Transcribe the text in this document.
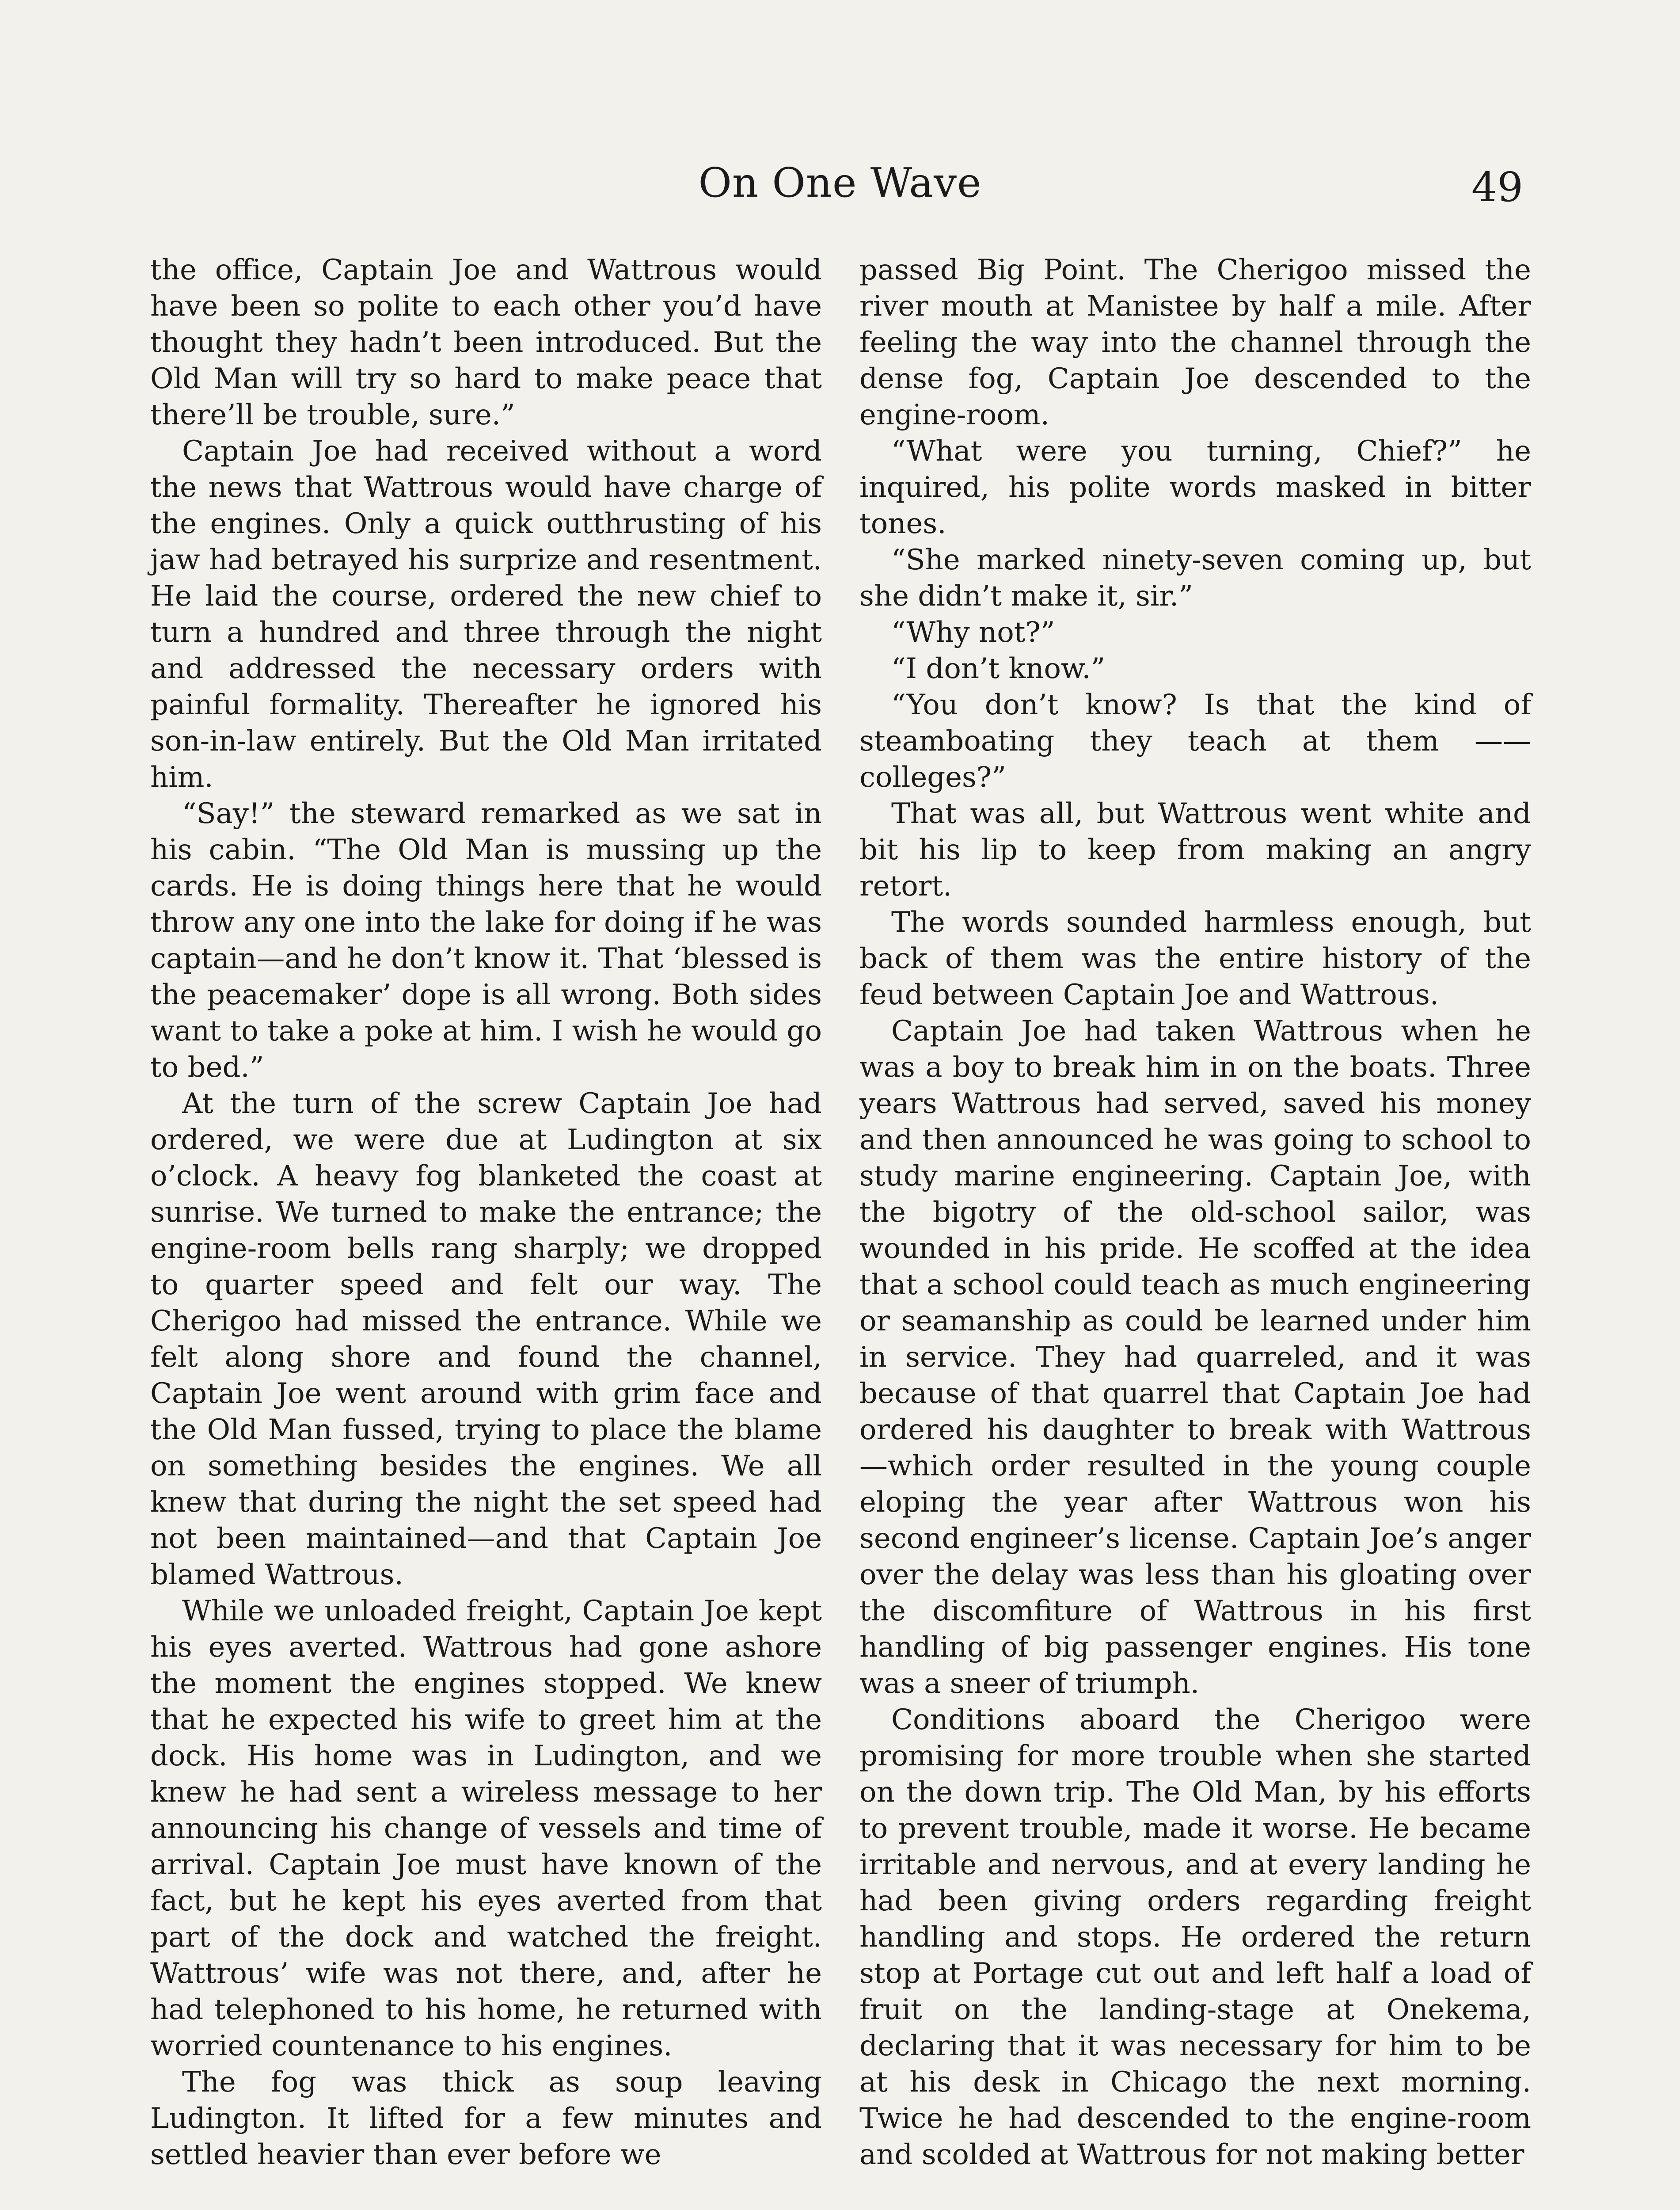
On One Wave	49

the office, Captain Joe and Wattrous would have been so polite to each other you’d have thought they hadn’t been introduced. But the Old Man will try so hard to make peace that there’ll be trouble, sure.”

Captain Joe had received without a word the news that Wattrous would have charge of the engines. Only a quick outthrusting of his jaw had betrayed his surprize and resentment. He laid the course, ordered the new chief to turn a hundred and three through the night and addressed the necessary orders with painful formality. Thereafter he ignored his son-in-law entirely. But the Old Man irritated him.

“Say!” the steward remarked as we sat in his cabin. “The Old Man is mussing up the cards. He is doing things here that he would throw any one into the lake for doing if he was captain—and he don’t know it. That ‘blessed is the peacemaker’ dope is all wrong. Both sides want to take a poke at him. I wish he would go to bed.”

At the turn of the screw Captain Joe had ordered, we were due at Ludington at six o’clock. A heavy fog blanketed the coast at sunrise. We turned to make the entrance; the engine-room bells rang sharply; we dropped to quarter speed and felt our way. The Cherigoo had missed the entrance. While we felt along shore and found the channel, Captain Joe went around with grim face and the Old Man fussed, trying to place the blame on something besides the engines. We all knew that during the night the set speed had not been maintained—and that Captain Joe blamed Wattrous.

While we unloaded freight, Captain Joe kept his eyes averted. Wattrous had gone ashore the moment the engines stopped. We knew that he expected his wife to greet him at the dock. His home was in Ludington, and we knew he had sent a wireless message to her announcing his change of vessels and time of arrival. Captain Joe must have known of the fact, but he kept his eyes averted from that part of the dock and watched the freight. Wattrous’ wife was not there, and, after he had telephoned to his home, he returned with worried countenance to his engines.

The fog was thick as soup leaving Ludington. It lifted for a few minutes and settled heavier than ever before we

passed Big Point. The Cherigoo missed the river mouth at Manistee by half a mile. After feeling the way into the channel through the dense fog, Captain Joe descended to the engine-room.

“What were you turning, Chief?” he inquired, his polite words masked in bitter tones.

“She marked ninety-seven coming up, but she didn’t make it, sir.”

“Why not?”

“I don’t know.”

“You don’t know? Is that the kind of steamboating they teach at them —— colleges?”

That was all, but Wattrous went white and bit his lip to keep from making an angry retort.

The words sounded harmless enough, but back of them was the entire history of the feud between Captain Joe and Wattrous.

Captain Joe had taken Wattrous when he was a boy to break him in on the boats. Three years Wattrous had served, saved his money and then announced he was going to school to study marine engineering. Captain Joe, with the bigotry of the old-school sailor, was wounded in his pride. He scoffed at the idea that a school could teach as much engineering or seamanship as could be learned under him in service. They had quarreled, and it was because of that quarrel that Captain Joe had ordered his daughter to break with Wattrous—which order resulted in the young couple eloping the year after Wattrous won his second engineer’s license. Captain Joe’s anger over the delay was less than his gloating over the discomfiture of Wattrous in his first handling of big passenger engines. His tone was a sneer of triumph.

Conditions aboard the Cherigoo were promising for more trouble when she started on the down trip. The Old Man, by his efforts to prevent trouble, made it worse. He became irritable and nervous, and at every landing he had been giving orders regarding freight handling and stops. He ordered the return stop at Portage cut out and left half a load of fruit on the landing-stage at Onekema, declaring that it was necessary for him to be at his desk in Chicago the next morning. Twice he had descended to the engine-room and scolded at Wattrous for not making better
